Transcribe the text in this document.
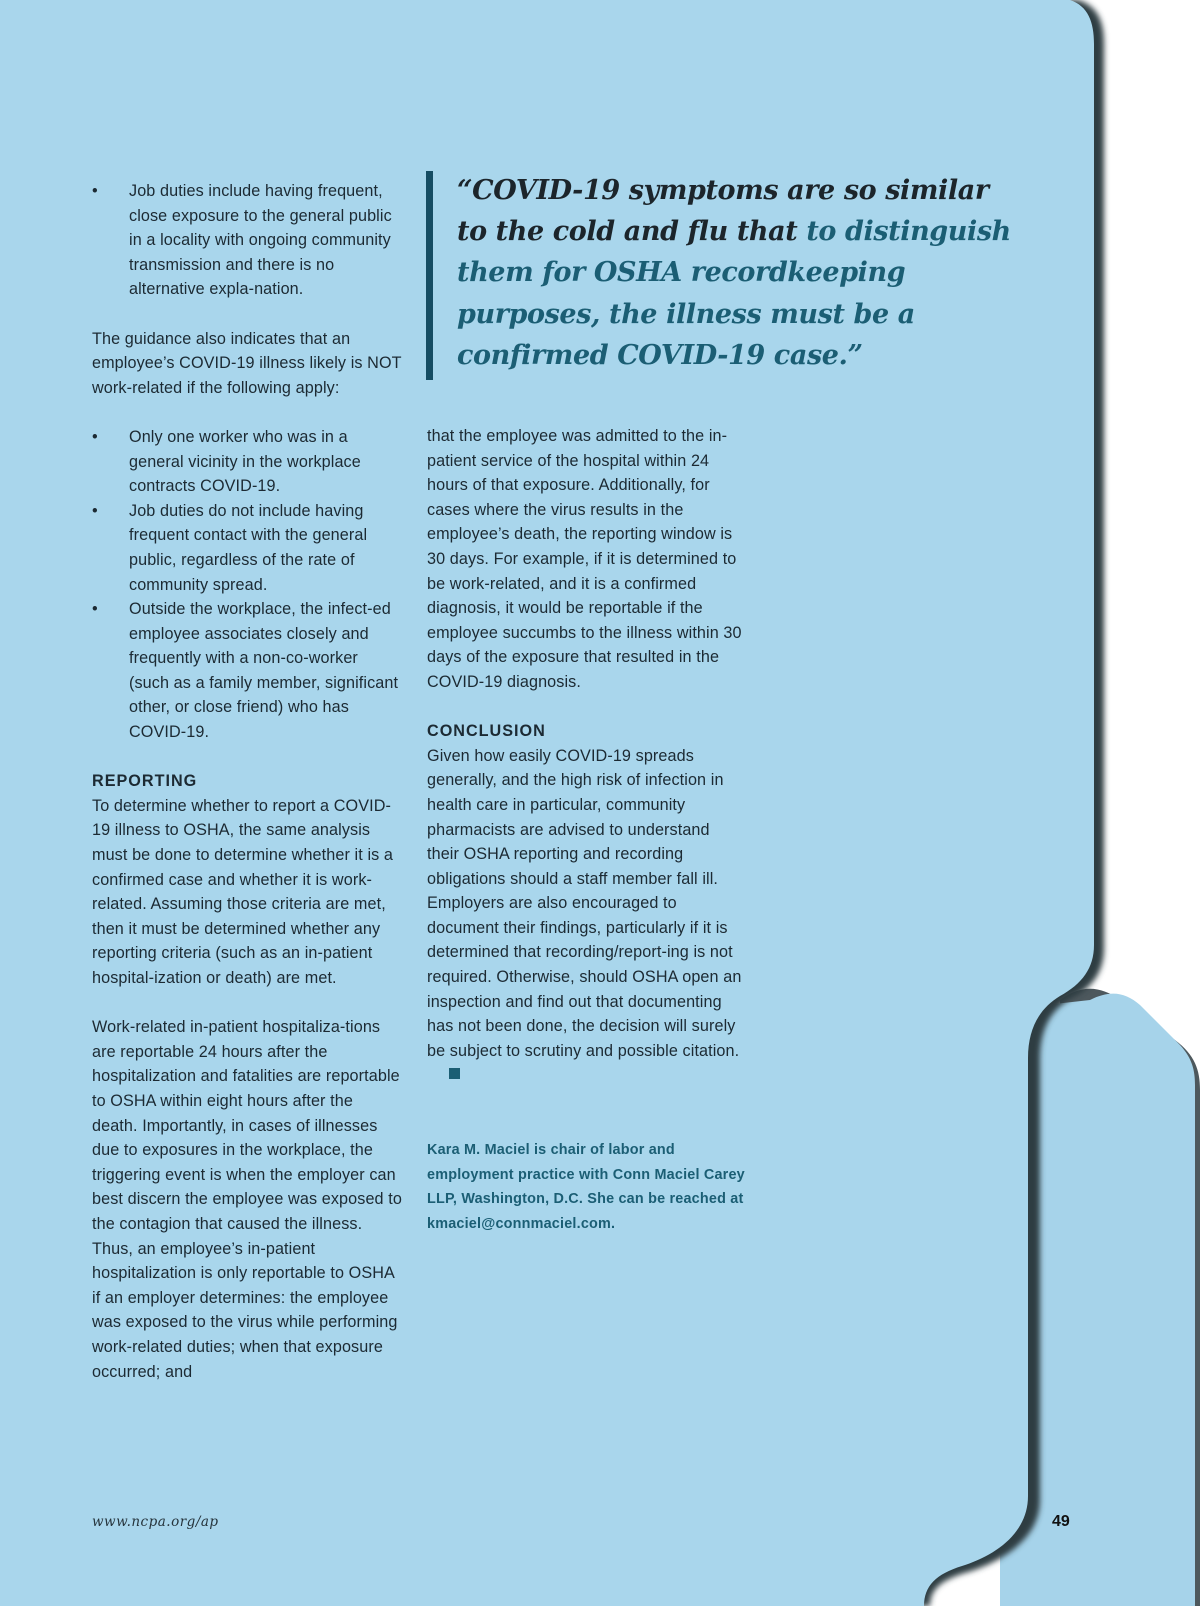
“COVID-19 symptoms are so similar to the cold and flu that to distinguish them for OSHA recordkeeping purposes, the illness must be a confirmed COVID-19 case.”
• Job duties include having frequent, close exposure to the general public in a locality with ongoing community transmission and there is no alternative expla-nation.

The guidance also indicates that an employee’s COVID-19 illness likely is NOT work-related if the following apply:

• Only one worker who was in a general vicinity in the workplace contracts COVID-19.
• Job duties do not include having frequent contact with the general public, regardless of the rate of community spread.
• Outside the workplace, the infect-ed employee associates closely and frequently with a non-co-worker (such as a family member, significant other, or close friend) who has COVID-19.

REPORTING

To determine whether to report a COVID-19 illness to OSHA, the same analysis must be done to determine whether it is a confirmed case and whether it is work-related. Assuming those criteria are met, then it must be determined whether any reporting criteria (such as an in-patient hospital-ization or death) are met.

Work-related in-patient hospitaliza-tions are reportable 24 hours after the hospitalization and fatalities are reportable to OSHA within eight hours after the death. Importantly, in cases of illnesses due to exposures in the workplace, the triggering event is when the employer can best discern the employee was exposed to the contagion that caused the illness. Thus, an employee’s in-patient hospitalization is only reportable to OSHA if an employer determines: the employee was exposed to the virus while performing work-related duties; when that exposure occurred; and

that the employee was admitted to the in-patient service of the hospital within 24 hours of that exposure. Additionally, for cases where the virus results in the employee’s death, the reporting window is 30 days. For example, if it is determined to be work-related, and it is a confirmed diagnosis, it would be reportable if the employee succumbs to the illness within 30 days of the exposure that resulted in the COVID-19 diagnosis.

CONCLUSION

Given how easily COVID-19 spreads generally, and the high risk of infection in health care in particular, community pharmacists are advised to understand their OSHA reporting and recording obligations should a staff member fall ill. Employers are also encouraged to document their findings, particularly if it is determined that recording/report-ing is not required. Otherwise, should OSHA open an inspection and find out that documenting has not been done, the decision will surely be subject to scrutiny and possible citation.

Kara M. Maciel is chair of labor and employment practice with Conn Maciel Carey LLP, Washington, D.C. She can be reached at kmaciel@connmaciel.com.
www.ncpa.org/ap	49
